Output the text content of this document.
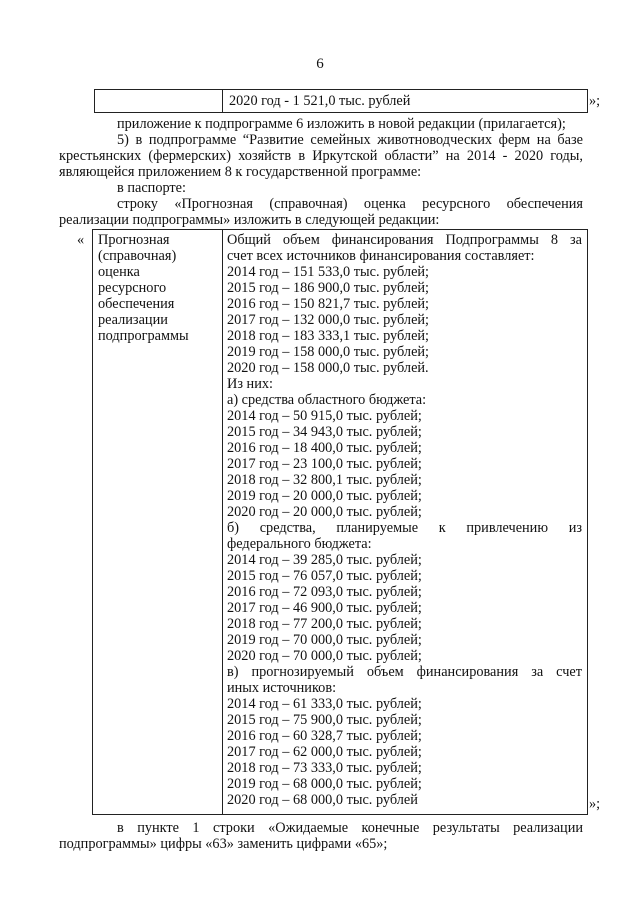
6
2020 год - 1 521,0 тыс. рублей	»;
приложение к подпрограмме 6 изложить в новой редакции (прилагается);
5) в подпрограмме “Развитие семейных животноводческих ферм на базе
крестьянских (фермерских) хозяйств в Иркутской области” на 2014 - 2020 годы,
являющейся приложением 8 к государственной программе:
в паспорте:
строку «Прогнозная (справочная) оценка ресурсного обеспечения
реализации подпрограммы» изложить в следующей редакции:
« Прогнозная
(справочная)
оценка
ресурсного
обеспечения
реализации
подпрограммы
Общий объем финансирования Подпрограммы 8 за
счет всех источников финансирования составляет:
2014 год – 151 533,0 тыс. рублей;
2015 год – 186 900,0 тыс. рублей;
2016 год – 150 821,7 тыс. рублей;
2017 год – 132 000,0 тыс. рублей;
2018 год – 183 333,1 тыс. рублей;
2019 год – 158 000,0 тыс. рублей;
2020 год – 158 000,0 тыс. рублей.
Из них:
а) средства областного бюджета:
2014 год – 50 915,0 тыс. рублей;
2015 год – 34 943,0 тыс. рублей;
2016 год – 18 400,0 тыс. рублей;
2017 год – 23 100,0 тыс. рублей;
2018 год – 32 800,1 тыс. рублей;
2019 год – 20 000,0 тыс. рублей;
2020 год – 20 000,0 тыс. рублей;
б) средства, планируемые к привлечению из
федерального бюджета:
2014 год – 39 285,0 тыс. рублей;
2015 год – 76 057,0 тыс. рублей;
2016 год – 72 093,0 тыс. рублей;
2017 год – 46 900,0 тыс. рублей;
2018 год – 77 200,0 тыс. рублей;
2019 год – 70 000,0 тыс. рублей;
2020 год – 70 000,0 тыс. рублей;
в) прогнозируемый объем финансирования за счет
иных источников:
2014 год – 61 333,0 тыс. рублей;
2015 год – 75 900,0 тыс. рублей;
2016 год – 60 328,7 тыс. рублей;
2017 год – 62 000,0 тыс. рублей;
2018 год – 73 333,0 тыс. рублей;
2019 год – 68 000,0 тыс. рублей;
2020 год – 68 000,0 тыс. рублей	»;
в пункте 1 строки «Ожидаемые конечные результаты реализации
подпрограммы» цифры «63» заменить цифрами «65»;
